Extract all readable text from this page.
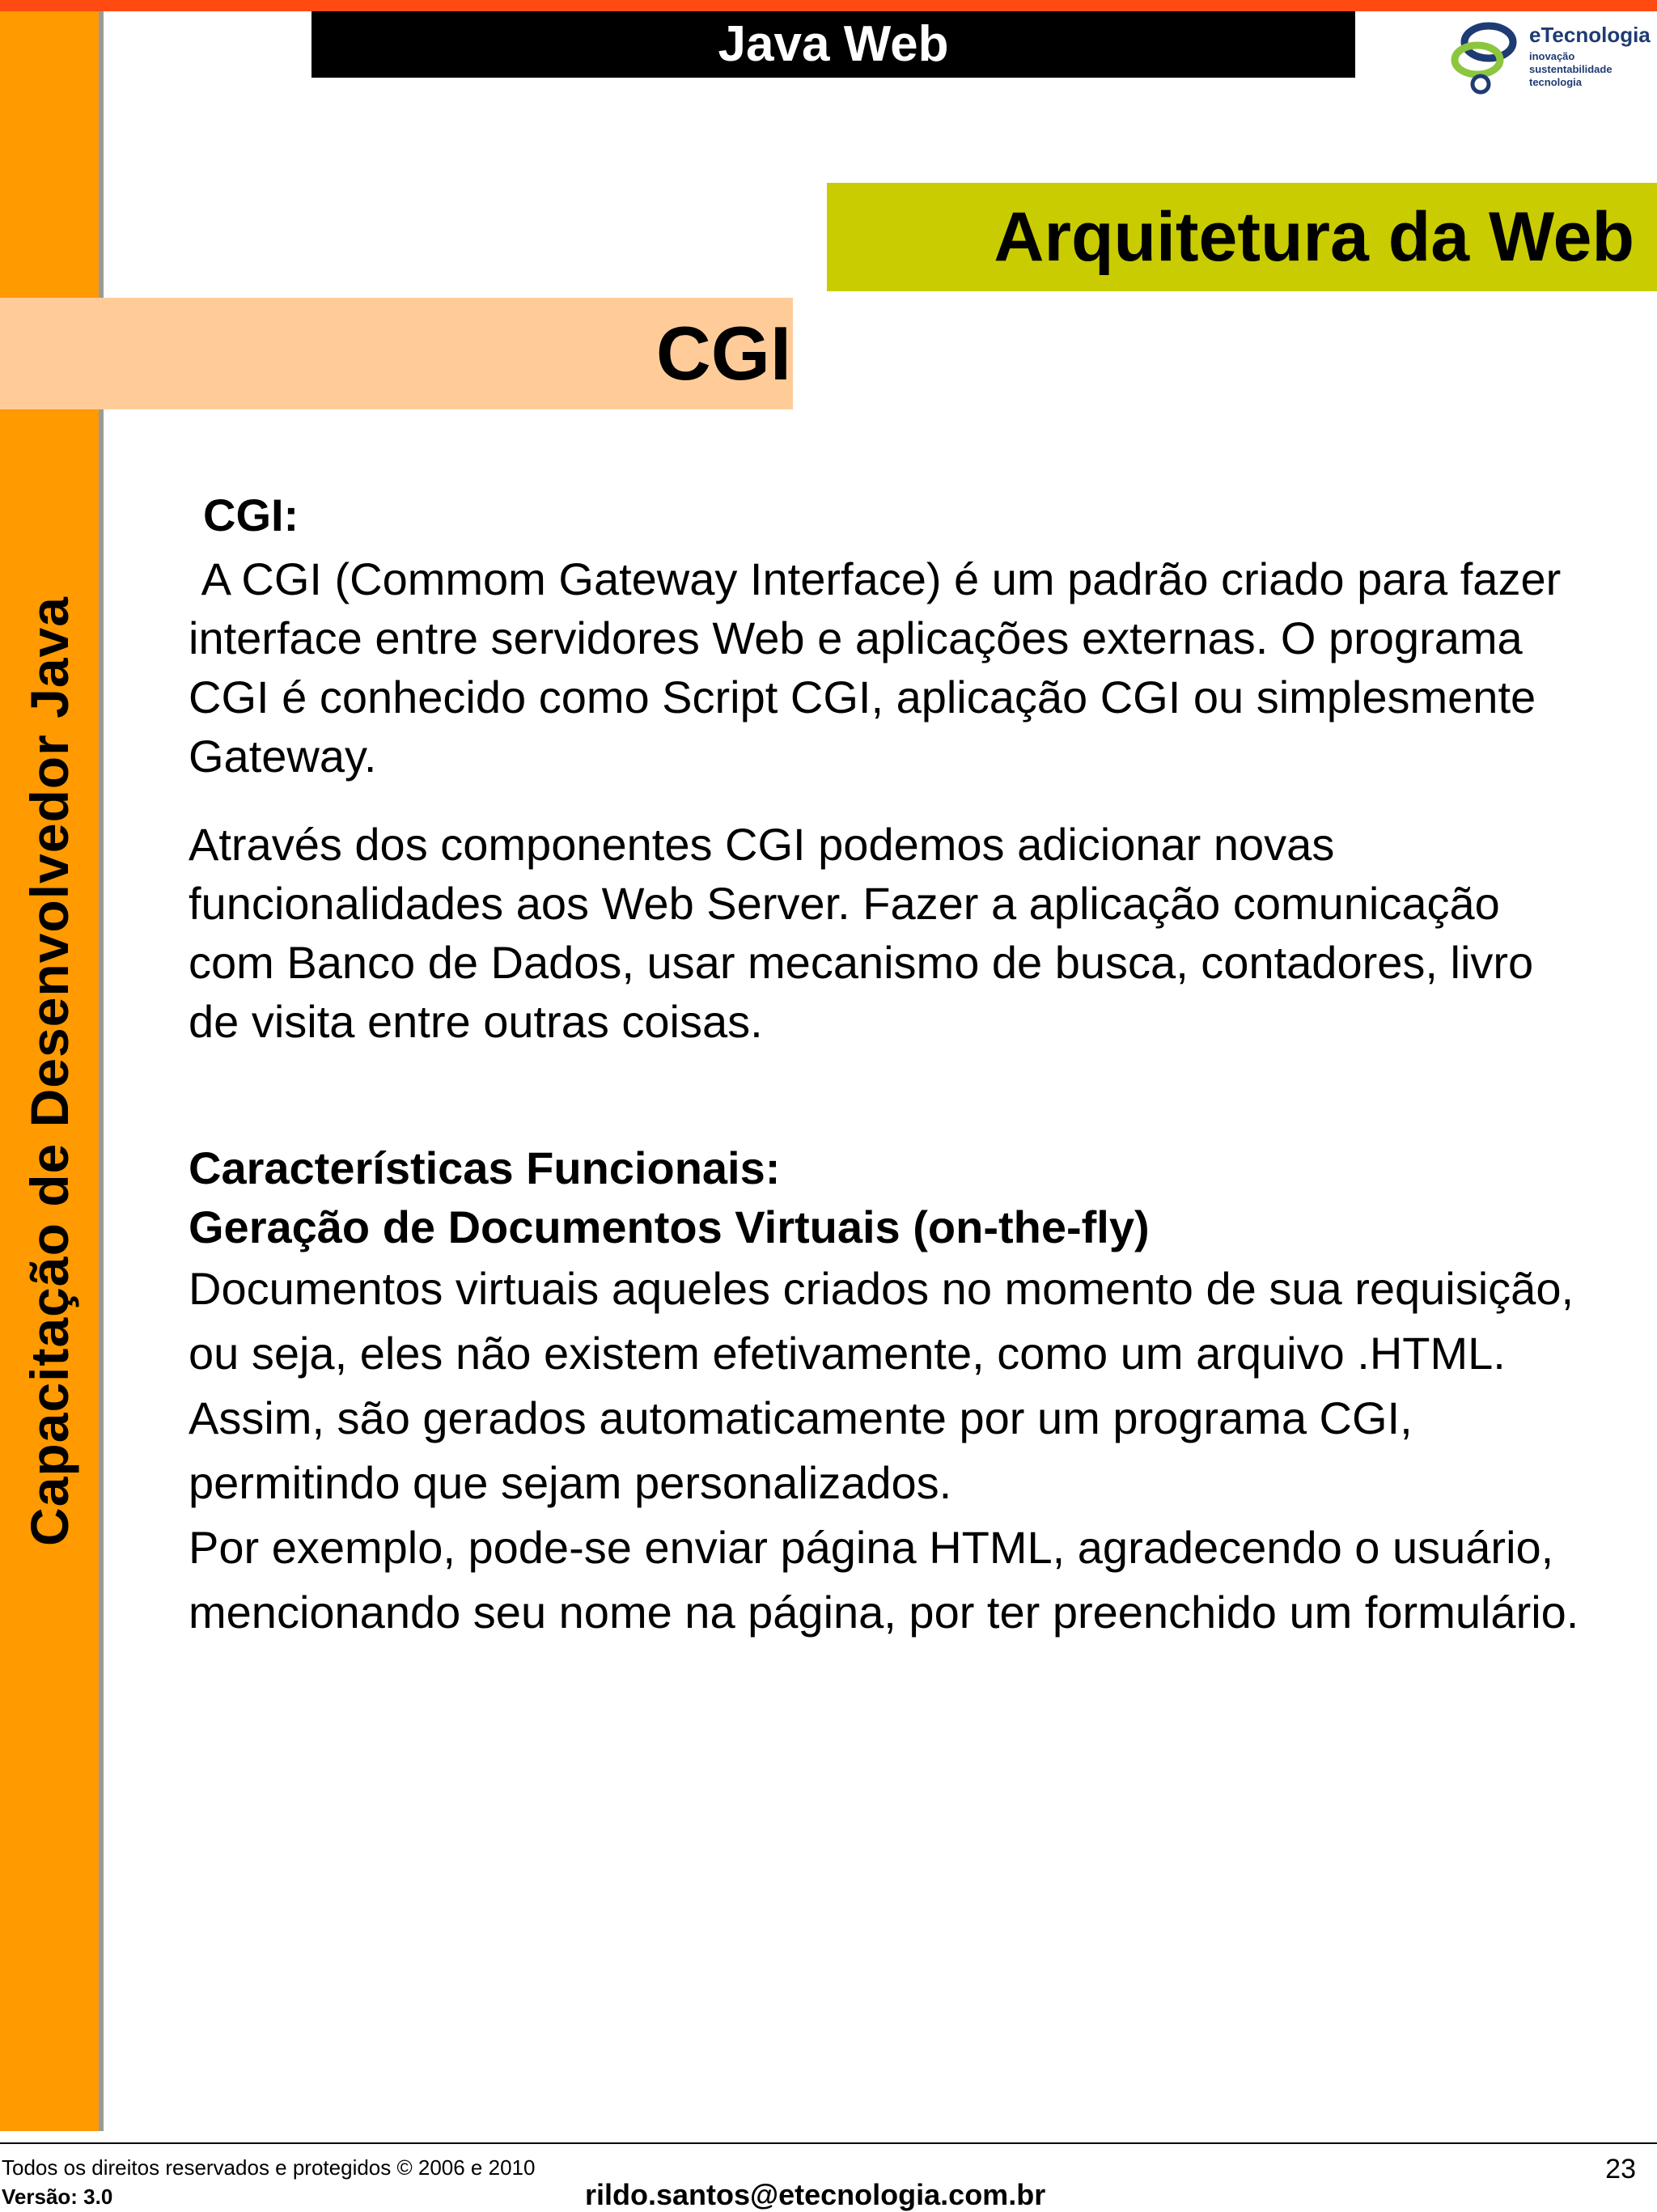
Capacitação de Desenvolvedor Java
Java Web	eTecnologia
inovação
sustentabilidade
tecnologia
Arquitetura da Web
CGI

CGI:

A CGI (Commom Gateway Interface) é um padrão criado para fazer interface entre servidores Web e aplicações externas. O programa CGI é conhecido como Script CGI, aplicação CGI ou simplesmente Gateway.

Através dos componentes CGI podemos adicionar novas funcionalidades aos Web Server. Fazer a aplicação comunicação com Banco de Dados, usar mecanismo de busca, contadores, livro de visita entre outras coisas.

Características Funcionais:

Geração de Documentos Virtuais (on-the-fly)

Documentos virtuais aqueles criados no momento de sua requisição, ou seja, eles não existem efetivamente, como um arquivo .HTML. Assim, são gerados automaticamente por um programa CGI, permitindo que sejam personalizados.

Por exemplo, pode-se enviar página HTML, agradecendo o usuário, mencionando seu nome na página, por ter preenchido um formulário.

Todos os direitos reservados e protegidos © 2006 e 2010
Versão: 3.0	rildo.santos@etecnologia.com.br
23
